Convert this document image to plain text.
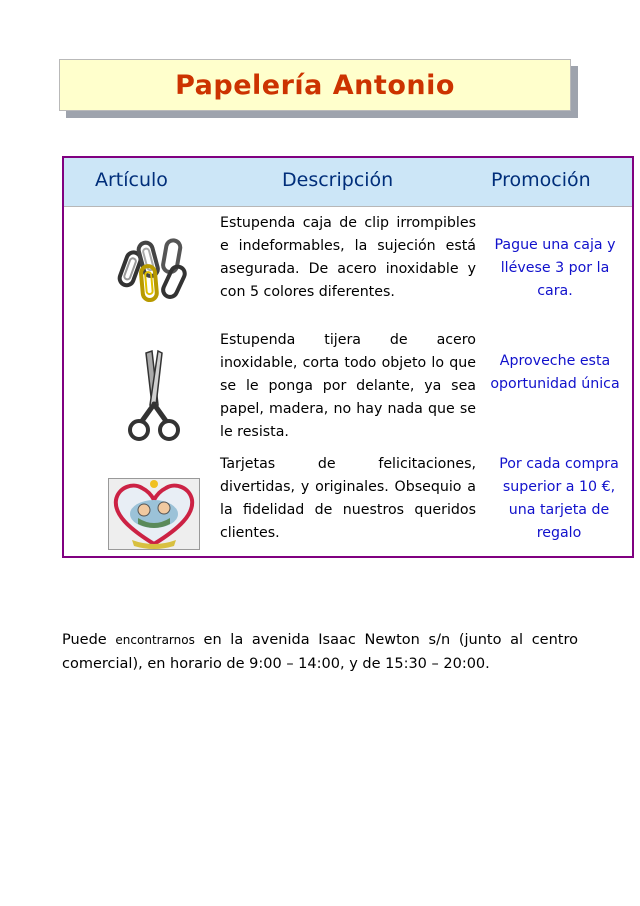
Papelería Antonio
Artículo	Descripción	Promoción
Estupenda caja de clip irrompibles e indeformables, la sujeción está asegurada. De acero inoxidable y con 5 colores diferentes.
Pague una caja y llévese 3 por la cara.
Estupenda tijera de acero inoxidable, corta todo objeto lo que se le ponga por delante, ya sea papel, madera, no hay nada que se le resista.
Aproveche esta oportunidad única
Tarjetas de felicitaciones, divertidas, y originales. Obsequio a la fidelidad de nuestros queridos clientes.
Por cada compra superior a 10 €, una tarjeta de regalo
Puede encontrarnos en la avenida Isaac Newton s/n (junto al centro comercial), en horario de 9:00 – 14:00, y de 15:30 – 20:00.
